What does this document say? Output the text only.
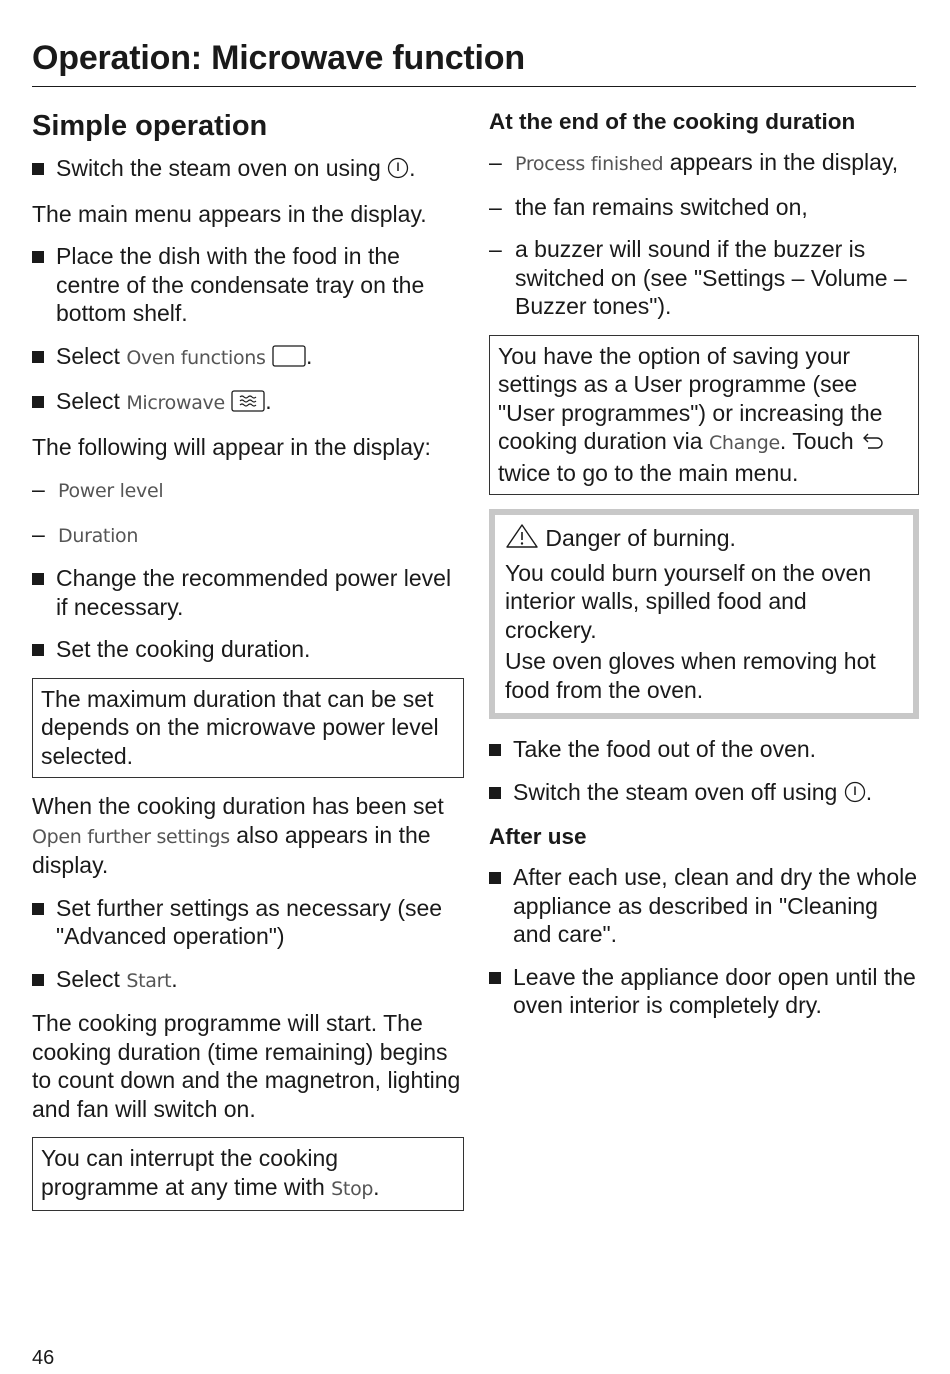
Operation: Microwave function
Simple operation
Switch the steam oven on using .
The main menu appears in the display.
Place the dish with the food in the centre of the condensate tray on the bottom shelf.
Select Oven functions .
Select Microwave .
The following will appear in the display:
– Power level
– Duration
Change the recommended power level if necessary.
Set the cooking duration.
The maximum duration that can be set depends on the microwave power level selected.
When the cooking duration has been set Open further settings also appears in the display.
Set further settings as necessary (see "Advanced operation")
Select Start.
The cooking programme will start. The cooking duration (time remaining) begins to count down and the magnetron, lighting and fan will switch on.
You can interrupt the cooking programme at any time with Stop.
At the end of the cooking duration
– Process finished appears in the display,
– the fan remains switched on,
– a buzzer will sound if the buzzer is switched on (see "Settings – Volume – Buzzer tones").
You have the option of saving your settings as a User programme (see "User programmes") or increasing the cooking duration via Change. Touch  twice to go to the main menu.
Danger of burning.
You could burn yourself on the oven interior walls, spilled food and crockery.
Use oven gloves when removing hot food from the oven.
Take the food out of the oven.
Switch the steam oven off using .
After use
After each use, clean and dry the whole appliance as described in "Cleaning and care".
Leave the appliance door open until the oven interior is completely dry.
46
